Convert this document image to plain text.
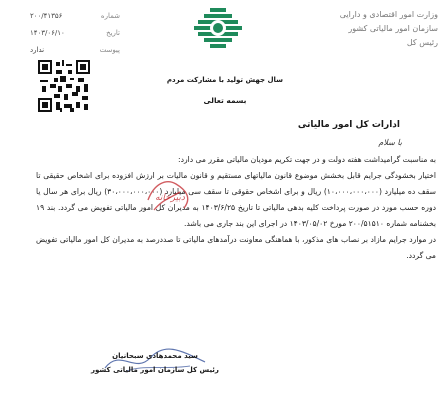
وزارت امور اقتصادی و دارایی
سازمان امور مالیاتی کشور
رئیس کل
شماره
۲۰۰/۴۱۳۵۶
تاریخ
۱۴۰۳/۰۶/۱۰
پیوست
ندارد
سال جهش تولید با مشارکت مردم
بسمه تعالی
ادارات کل امور مالیاتی
با سلام

به مناسبت گرامیداشت هفته دولت و در جهت تکریم مودیان مالیاتی مقرر می دارد:

اختیار بخشودگی جرایم قابل بخشش موضوع قانون مالیاتهای مستقیم و قانون مالیات بر ارزش افزوده برای اشخاص حقیقی تا سقف ده میلیارد (۱۰،۰۰۰،۰۰۰،۰۰۰) ریال و برای اشخاص حقوقی تا سقف سی میلیارد (۳۰،۰۰۰،۰۰۰،۰۰۰) ریال برای هر سال یا دوره حسب مورد در صورت پرداخت کلیه بدهی مالیاتی تا تاریخ ۱۴۰۳/۶/۲۵ به مدیران کل امور مالیاتی تفویض می گردد. بند ۱۹ بخشنامه شماره ۲۰۰/۵۱۵۱۰ مورخ ۱۴۰۳/۰۵/۰۲ در اجرای این بند جاری می باشد.

در موارد جرایم مازاد بر نصاب های مذکور، با هماهنگی معاونت درآمدهای مالیاتی تا صددرصد به مدیران کل امور مالیاتی تفویض می گردد.

دبیرخانه
سید محمدهادی سبحانیان
رئیس کل سازمان امور مالیاتی کشور
